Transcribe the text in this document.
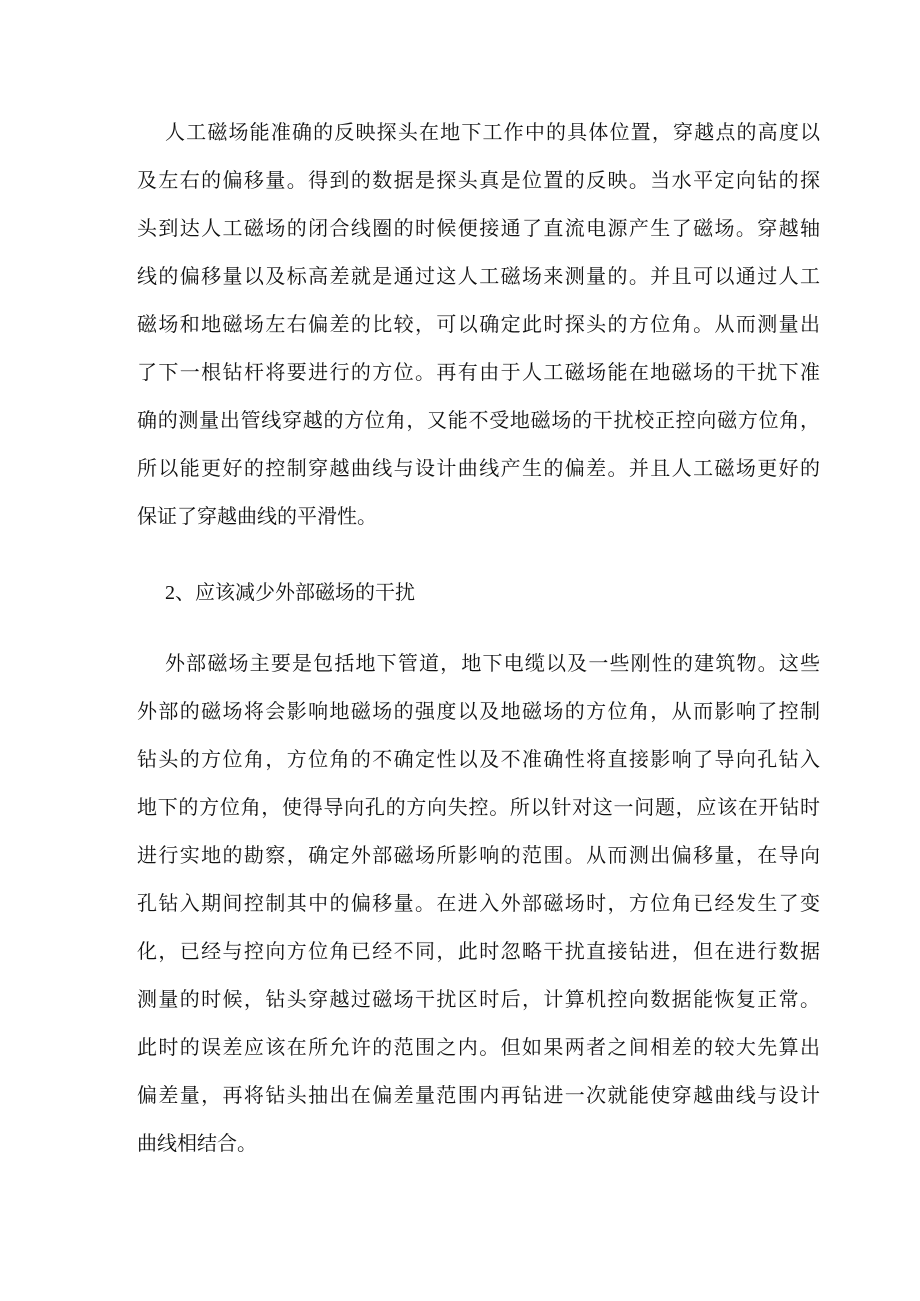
人工磁场能准确的反映探头在地下工作中的具体位置，穿越点的高度以
及左右的偏移量。得到的数据是探头真是位置的反映。当水平定向钻的探
头到达人工磁场的闭合线圈的时候便接通了直流电源产生了磁场。穿越轴
线的偏移量以及标高差就是通过这人工磁场来测量的。并且可以通过人工
磁场和地磁场左右偏差的比较，可以确定此时探头的方位角。从而测量出
了下一根钻杆将要进行的方位。再有由于人工磁场能在地磁场的干扰下准
确的测量出管线穿越的方位角，又能不受地磁场的干扰校正控向磁方位角，
所以能更好的控制穿越曲线与设计曲线产生的偏差。并且人工磁场更好的
保证了穿越曲线的平滑性。
2、应该减少外部磁场的干扰
外部磁场主要是包括地下管道，地下电缆以及一些刚性的建筑物。这些
外部的磁场将会影响地磁场的强度以及地磁场的方位角，从而影响了控制
钻头的方位角，方位角的不确定性以及不准确性将直接影响了导向孔钻入
地下的方位角，使得导向孔的方向失控。所以针对这一问题，应该在开钻时
进行实地的勘察，确定外部磁场所影响的范围。从而测出偏移量，在导向
孔钻入期间控制其中的偏移量。在进入外部磁场时，方位角已经发生了变
化，已经与控向方位角已经不同，此时忽略干扰直接钻进，但在进行数据
测量的时候，钻头穿越过磁场干扰区时后，计算机控向数据能恢复正常。
此时的误差应该在所允许的范围之内。但如果两者之间相差的较大先算出
偏差量，再将钻头抽出在偏差量范围内再钻进一次就能使穿越曲线与设计
曲线相结合。
